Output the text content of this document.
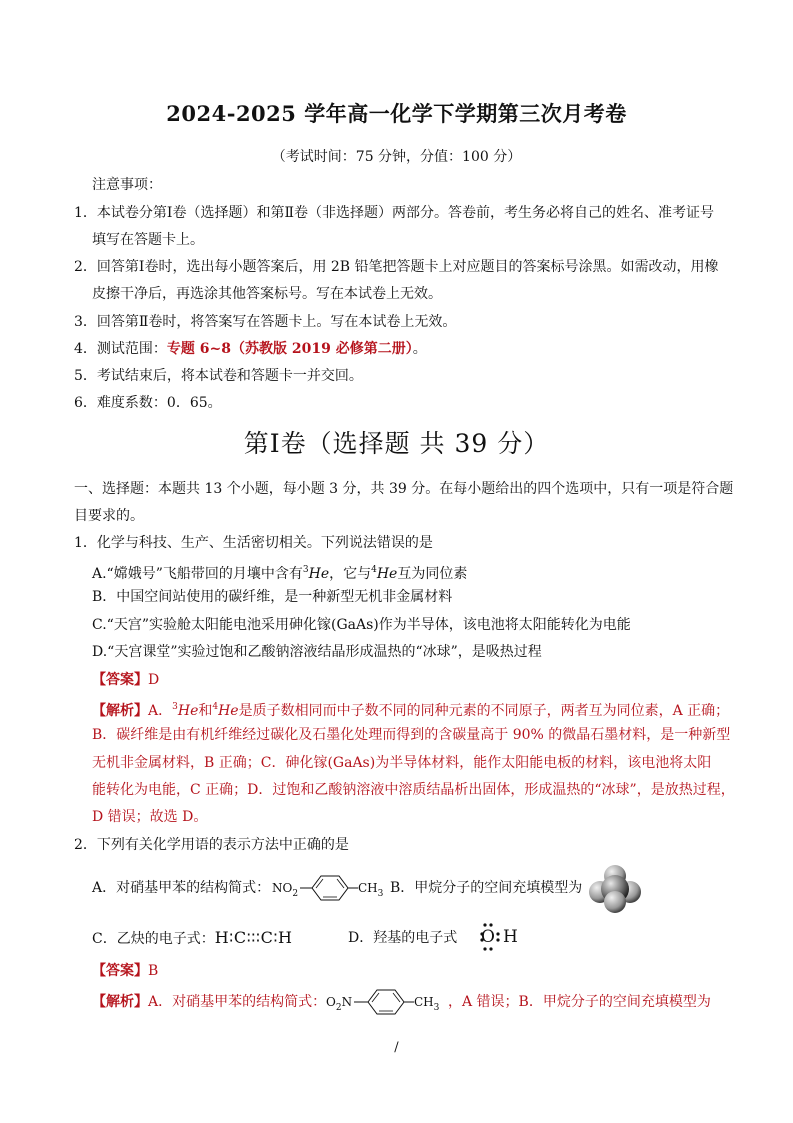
2024-2025 学年高一化学下学期第三次月考卷
（考试时间：75 分钟，分值：100 分）
注意事项：
1．本试卷分第Ⅰ卷（选择题）和第Ⅱ卷（非选择题）两部分。答卷前，考生务必将自己的姓名、准考证号
填写在答题卡上。
2．回答第Ⅰ卷时，选出每小题答案后，用 2B 铅笔把答题卡上对应题目的答案标号涂黑。如需改动，用橡
皮擦干净后，再选涂其他答案标号。写在本试卷上无效。
3．回答第Ⅱ卷时，将答案写在答题卡上。写在本试卷上无效。
4．测试范围：专题 6~8（苏教版 2019 必修第二册）。
5．考试结束后，将本试卷和答题卡一并交回。
6．难度系数：0．65。
第Ⅰ卷（选择题 共 39 分）
一、选择题：本题共 13 个小题，每小题 3 分，共 39 分。在每小题给出的四个选项中，只有一项是符合题
目要求的。
1．化学与科技、生产、生活密切相关。下列说法错误的是
A.“嫦娥号”飞船带回的月壤中含有$^3$He，它与$^4$He互为同位素
B．中国空间站使用的碳纤维，是一种新型无机非金属材料
C.“天宫”实验舱太阳能电池采用砷化镓(GaAs)作为半导体，该电池将太阳能转化为电能
D.“天宫课堂”实验过饱和乙酸钠溶液结晶形成温热的“冰球”，是吸热过程
【答案】D
【解析】A．$^3$He和$^4$He是质子数相同而中子数不同的同种元素的不同原子，两者互为同位素，A 正确；
B．碳纤维是由有机纤维经过碳化及石墨化处理而得到的含碳量高于 90% 的微晶石墨材料，是一种新型
无机非金属材料，B 正确；C．砷化镓(GaAs)为半导体材料，能作太阳能电板的材料，该电池将太阳
能转化为电能，C 正确；D．过饱和乙酸钠溶液中溶质结晶析出固体，形成温热的“冰球”，是放热过程，
D 错误；故选 D。
2．下列有关化学用语的表示方法中正确的是
A．对硝基甲苯的结构简式： $NO_2$	$CH_3$ B．甲烷分子的空间充填模型为
C．乙炔的电子式：H∶C∶∶∶C∶H	D．羟基的电子式 O H
【答案】B
【解析】A．对硝基甲苯的结构简式： $O_2N$	$CH_3$ ，A 错误；B．甲烷分子的空间充填模型为
/
